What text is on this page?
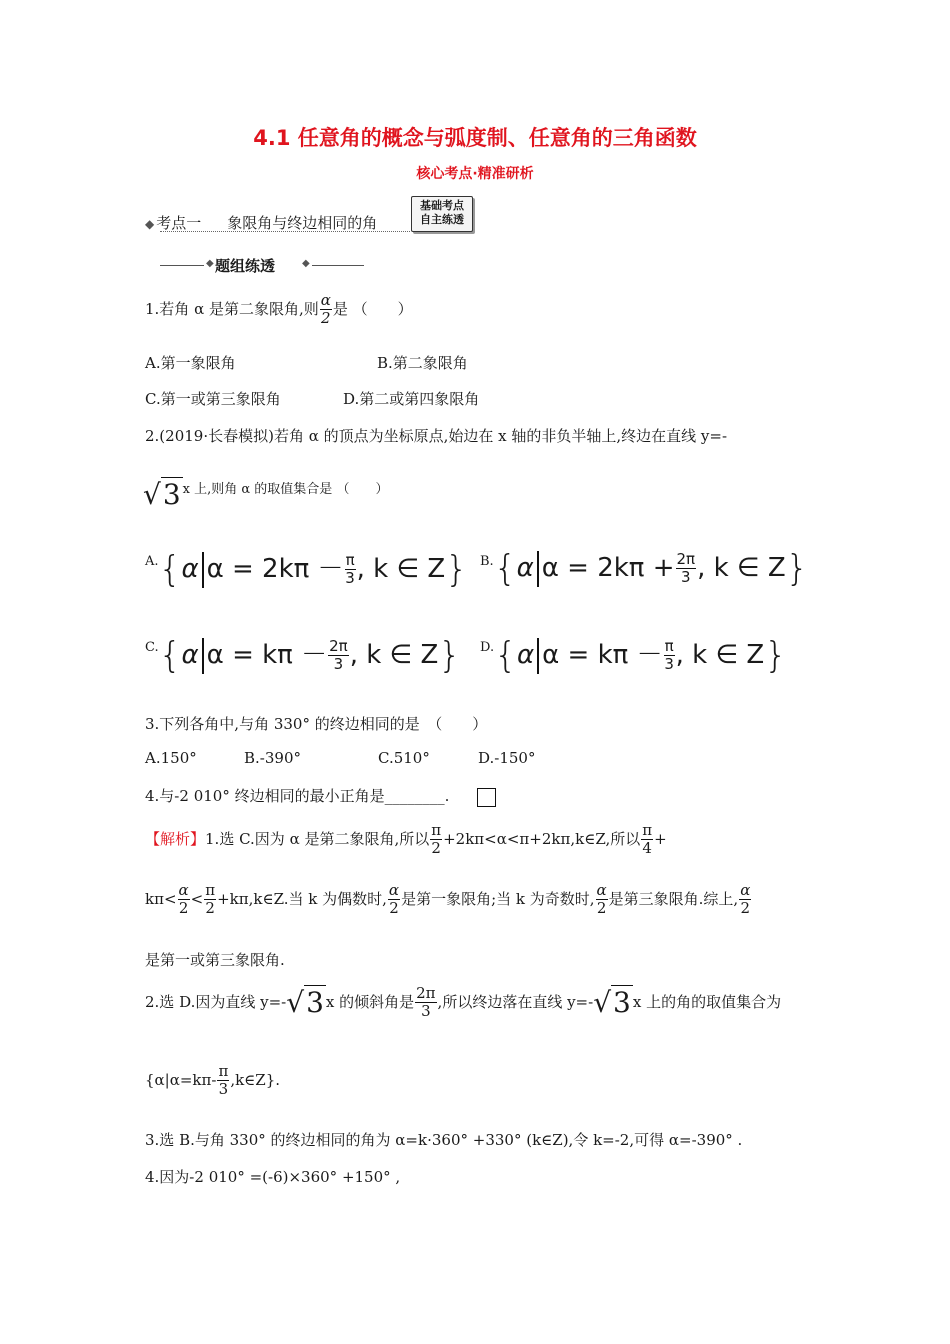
4.1 任意角的概念与弧度制、任意角的三角函数
核心考点·精准研析
◆ 考点一 象限角与终边相同的角
基础考点
自主练透
◆ 题组练透	◆
1.若角 α 是第二象限角,则 $\frac{\alpha}{2}$ 是 （　　）
A.第一象限角	B.第二象限角
C.第一或第三象限角	D.第二或第四象限角
2.(2019·长春模拟)若角 α 的顶点为坐标原点,始边在 x 轴的非负半轴上,终边在直线 y=-
√3 x 上,则角 α 的取值集合是 （　　）
$^{A.}${α $\alpha = 2k\pi - \frac{\pi}{3}$ , k ∈ Z} $^{B.}${α $\alpha = 2k\pi + \frac{2\pi}{3}$ , k ∈ Z}
$^{C.}${α $\alpha = k\pi - \frac{2\pi}{3}$ , k ∈ Z} $^{D.}${α $\alpha = k\pi - \frac{\pi}{3}$ , k ∈ Z}
3.下列各角中,与角 330° 的终边相同的是　（　　）
A.150°	B.-390°	C.510°	D.-150°
4.与-2 010° 终边相同的最小正角是________.
【解析】1.选 C.因为 α 是第二象限角,所以 $\frac{\pi}{2}$ +2kπ<α<π+2kπ,k∈Z,所以 $\frac{\pi}{4}$ +
$k\pi< \frac{\alpha}{2} < \frac{\pi}{2}$ +kπ,k∈Z.当 k 为偶数时, $\frac{\alpha}{2}$ 是第一象限角;当 k 为奇数时, $\frac{\alpha}{2}$ 是第三象限角.综上, $\frac{\alpha}{2}$
是第一或第三象限角.
2.选 D.因为直线 y=-√3 x 的倾斜角是 $\frac{2\pi}{3}$ ,所以终边落在直线 y=-√3 x 上的角的取值集合为
{$\alpha|\alpha=k\pi- \frac{\pi}{3}$ ,k∈Z}.
3.选 B.与角 330° 的终边相同的角为 α=k·360° +330° (k∈Z),令 k=-2,可得 α=-390° .
4.因为-2 010° =(-6)×360° +150° ,
